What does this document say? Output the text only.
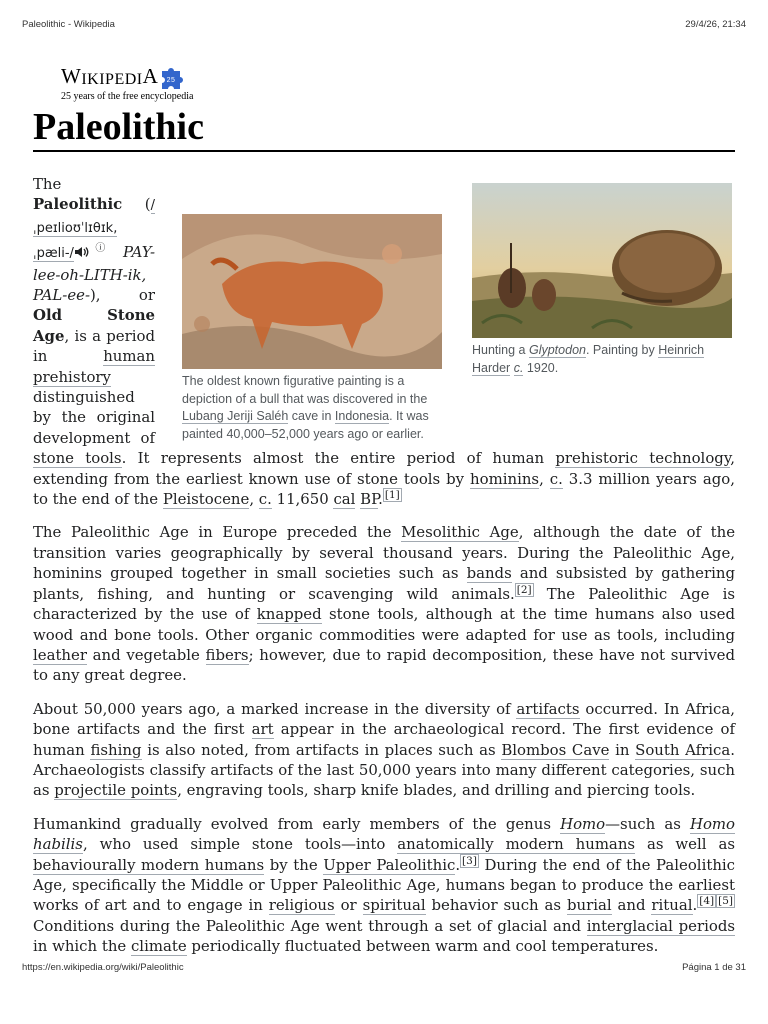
Paleolithic - Wikipedia	29/4/26, 21:34
W IKIPEDI A 25
25 years of the free encyclopedia
Paleolithic
Hunting a Glyptodon. Painting by Heinrich Harder c. 1920.
The oldest known figurative painting is a depiction of a bull that was discovered in the Lubang Jeriji Saléh cave in Indonesia. It was painted 40,000–52,000 years ago or earlier.

The Paleolithic (/ˌpeɪlioʊˈlɪθɪk, ˌpæli-/ ⓘ PAY-lee-oh-LITH-ik, PAL-ee-), or Old Stone Age, is a period in human prehistory distinguished by the original development of stone tools. It represents almost the entire period of human prehistoric technology, extending from the earliest known use of stone tools by hominins, c. 3.3 million years ago, to the end of the Pleistocene, c. 11,650 cal BP. [1]

The Paleolithic Age in Europe preceded the Mesolithic Age, although the date of the transition varies geographically by several thousand years. During the Paleolithic Age, hominins grouped together in small societies such as bands and subsisted by gathering plants, fishing, and hunting or scavenging wild animals. [2] The Paleolithic Age is characterized by the use of knapped stone tools, although at the time humans also used wood and bone tools. Other organic commodities were adapted for use as tools, including leather and vegetable fibers; however, due to rapid decomposition, these have not survived to any great degree.

About 50,000 years ago, a marked increase in the diversity of artifacts occurred. In Africa, bone artifacts and the first art appear in the archaeological record. The first evidence of human fishing is also noted, from artifacts in places such as Blombos Cave in South Africa. Archaeologists classify artifacts of the last 50,000 years into many different categories, such as projectile points, engraving tools, sharp knife blades, and drilling and piercing tools.

Humankind gradually evolved from early members of the genus Homo—such as Homo habilis, who used simple stone tools—into anatomically modern humans as well as behaviourally modern humans by the Upper Paleolithic. [3] During the end of the Paleolithic Age, specifically the Middle or Upper Paleolithic Age, humans began to produce the earliest works of art and to engage in religious or spiritual behavior such as burial and ritual. [4] [5] Conditions during the Paleolithic Age went through a set of glacial and interglacial periods in which the climate periodically fluctuated between warm and cool temperatures.

https://en.wikipedia.org/wiki/Paleolithic	Página 1 de 31
